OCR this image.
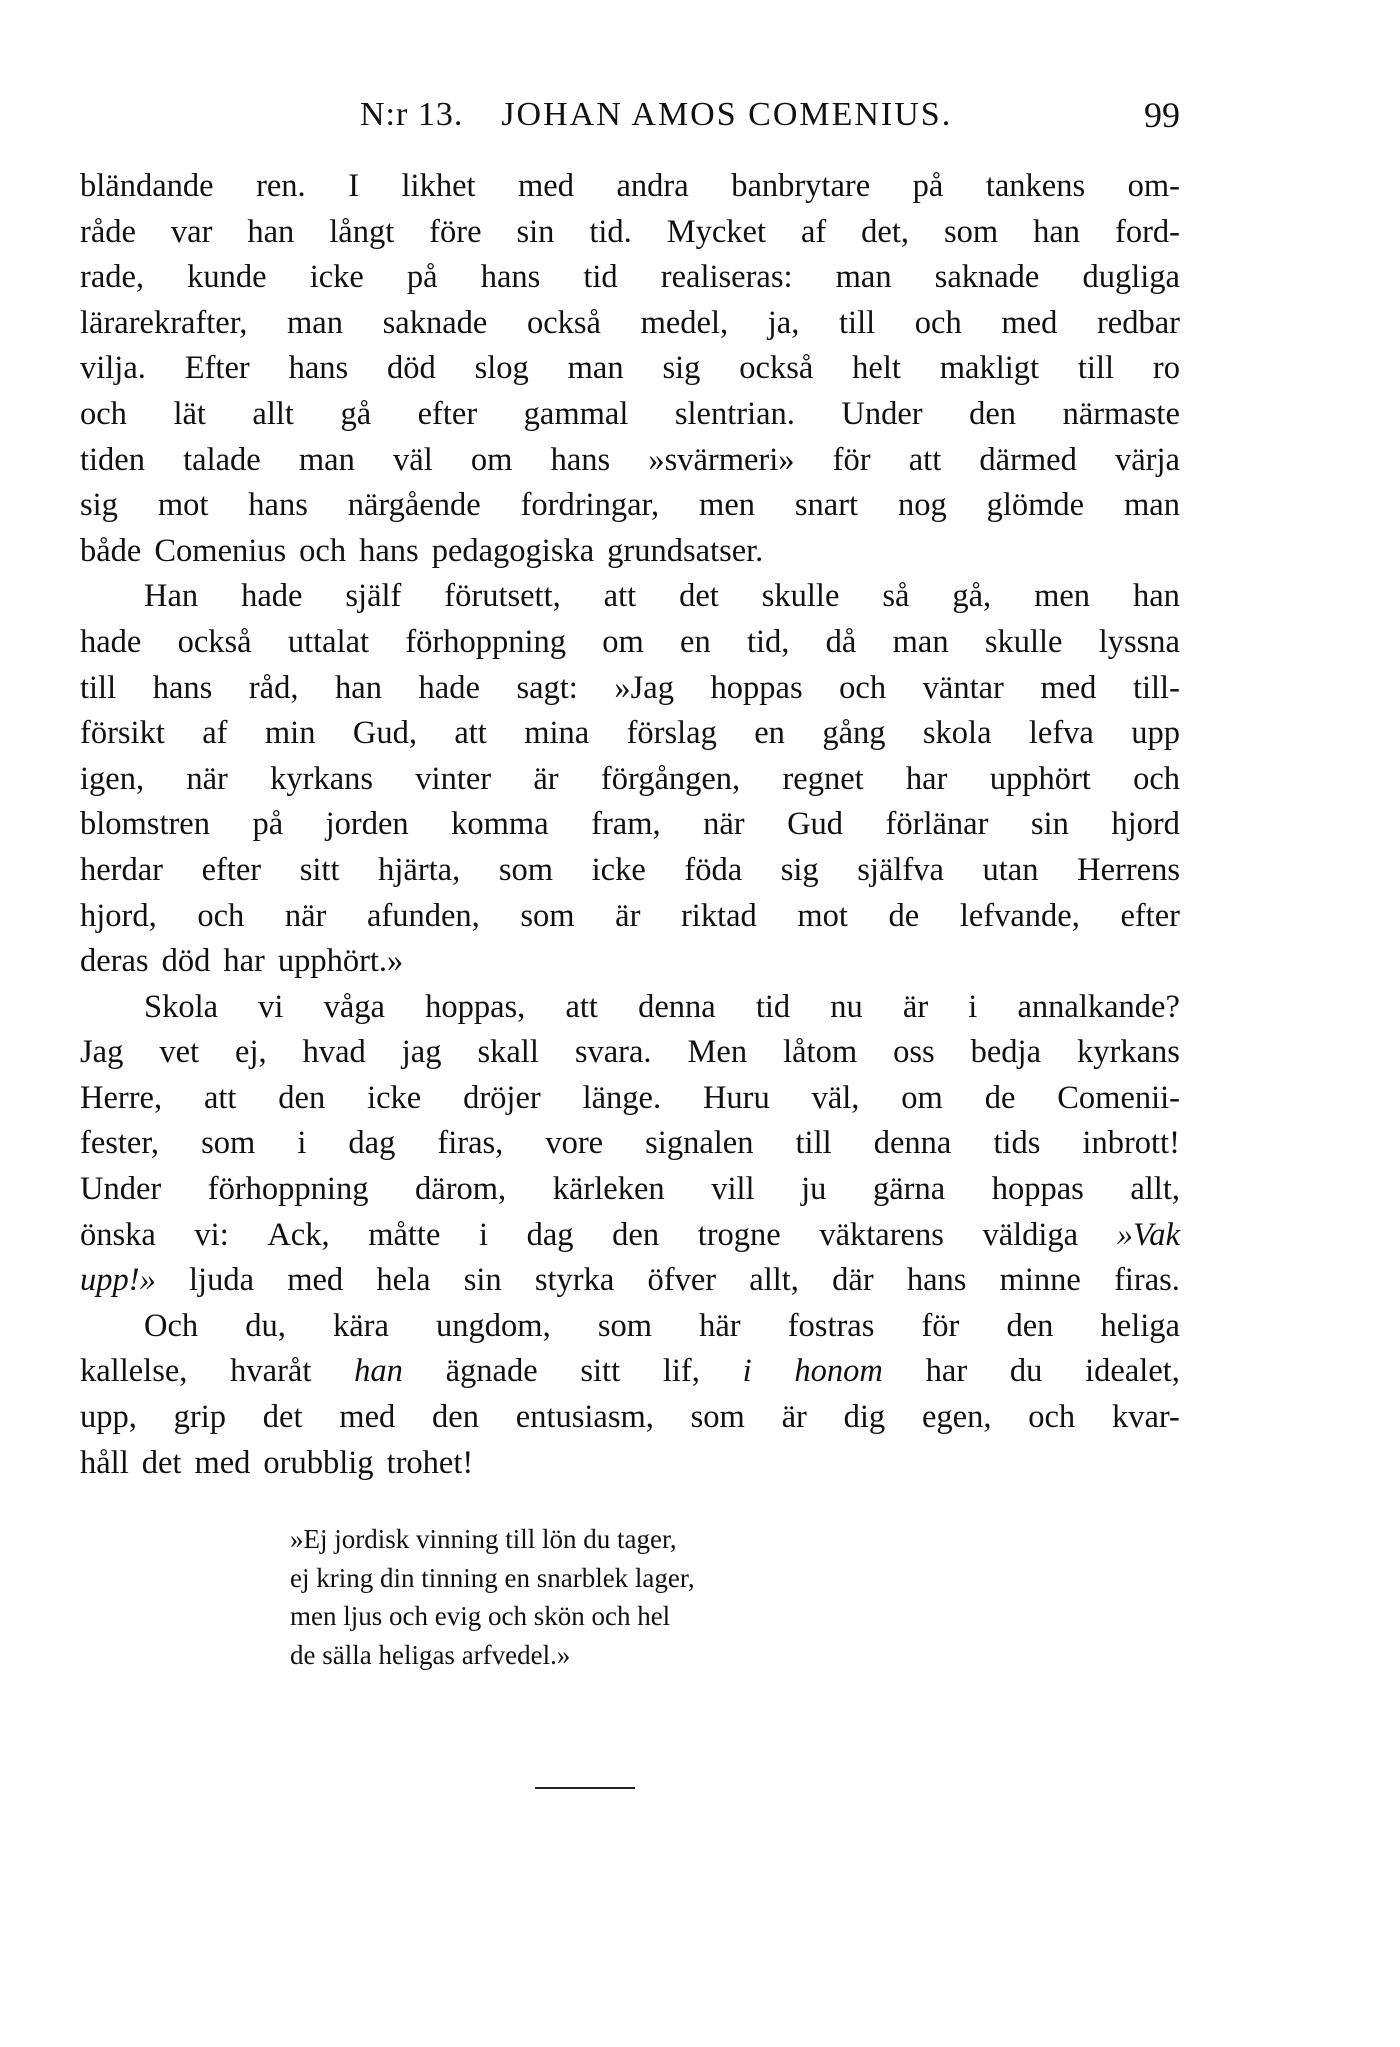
N:r 13. JOHAN AMOS COMENIUS.	99
bländande ren. I likhet med andra banbrytare på tankens om-
råde var han långt före sin tid. Mycket af det, som han ford-
rade, kunde icke på hans tid realiseras: man saknade dugliga
lärarekrafter, man saknade också medel, ja, till och med redbar
vilja. Efter hans död slog man sig också helt makligt till ro
och lät allt gå efter gammal slentrian. Under den närmaste
tiden talade man väl om hans »svärmeri» för att därmed värja
sig mot hans närgående fordringar, men snart nog glömde man
både Comenius och hans pedagogiska grundsatser.
Han hade själf förutsett, att det skulle så gå, men han
hade också uttalat förhoppning om en tid, då man skulle lyssna
till hans råd, han hade sagt: »Jag hoppas och väntar med till-
försikt af min Gud, att mina förslag en gång skola lefva upp
igen, när kyrkans vinter är förgången, regnet har upphört och
blomstren på jorden komma fram, när Gud förlänar sin hjord
herdar efter sitt hjärta, som icke föda sig själfva utan Herrens
hjord, och när afunden, som är riktad mot de lefvande, efter
deras död har upphört.»
Skola vi våga hoppas, att denna tid nu är i annalkande?
Jag vet ej, hvad jag skall svara. Men låtom oss bedja kyrkans
Herre, att den icke dröjer länge. Huru väl, om de Comenii-
fester, som i dag firas, vore signalen till denna tids inbrott!
Under förhoppning därom, kärleken vill ju gärna hoppas allt,
önska vi: Ack, måtte i dag den trogne väktarens väldiga »Vak
upp!» ljuda med hela sin styrka öfver allt, där hans minne firas.
Och du, kära ungdom, som här fostras för den heliga
kallelse, hvaråt han ägnade sitt lif, i honom har du idealet,
upp, grip det med den entusiasm, som är dig egen, och kvar-
håll det med orubblig trohet!
»Ej jordisk vinning till lön du tager,
ej kring din tinning en snarblek lager,
men ljus och evig och skön och hel
de sälla heligas arfvedel.»
